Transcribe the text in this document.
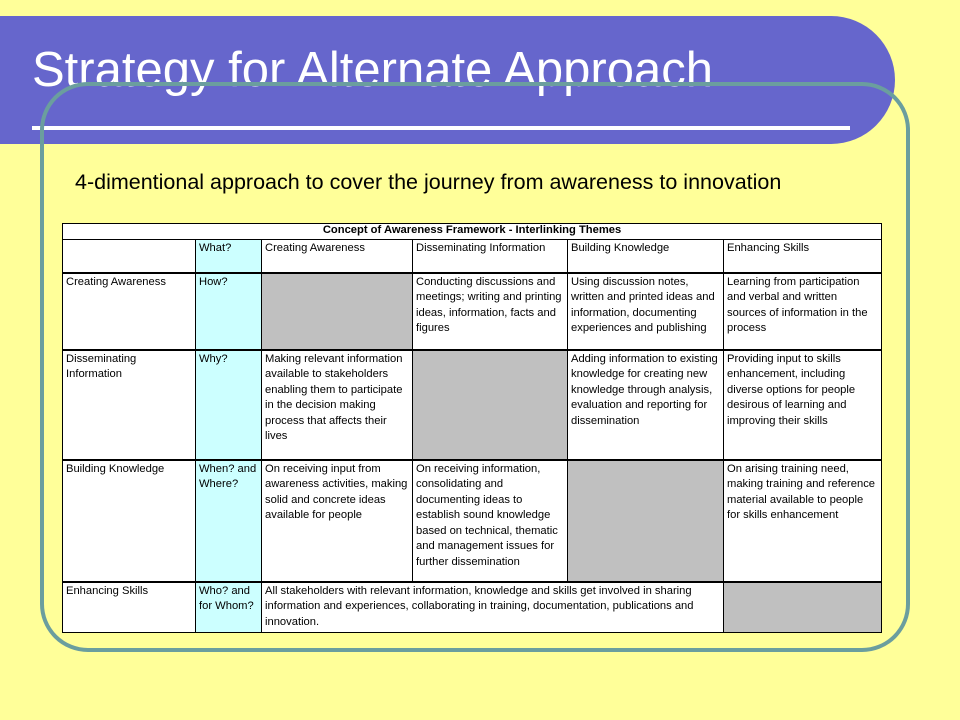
Strategy for Alternate Approach
4-dimentional approach to cover the journey from awareness to innovation
Concept of Awareness Framework - Interlinking Themes					
	What?	Creating Awareness	Disseminating Information	Building Knowledge	Enhancing Skills
Creating Awareness	How?		Conducting discussions and meetings; writing and printing ideas, information, facts and figures	Using discussion notes, written and printed ideas and information, documenting experiences and publishing	Learning from participation and verbal and written sources of information in the process
Disseminating Information	Why?	Making relevant information available to stakeholders enabling them to participate in the decision making process that affects their lives		Adding information to existing knowledge for creating new knowledge through analysis, evaluation and reporting for dissemination	Providing input to skills enhancement, including diverse options for people desirous of learning and improving their skills
Building Knowledge	When? and Where?	On receiving input from awareness activities, making solid and concrete ideas available for people	On receiving information, consolidating and documenting ideas to establish sound knowledge based on technical, thematic and management issues for further dissemination		On arising training need, making training and reference material available to people for skills enhancement
Enhancing Skills	Who? and for Whom?	All stakeholders with relevant information, knowledge and skills get involved in sharing information and experiences, collaborating in training, documentation, publications and innovation.			
